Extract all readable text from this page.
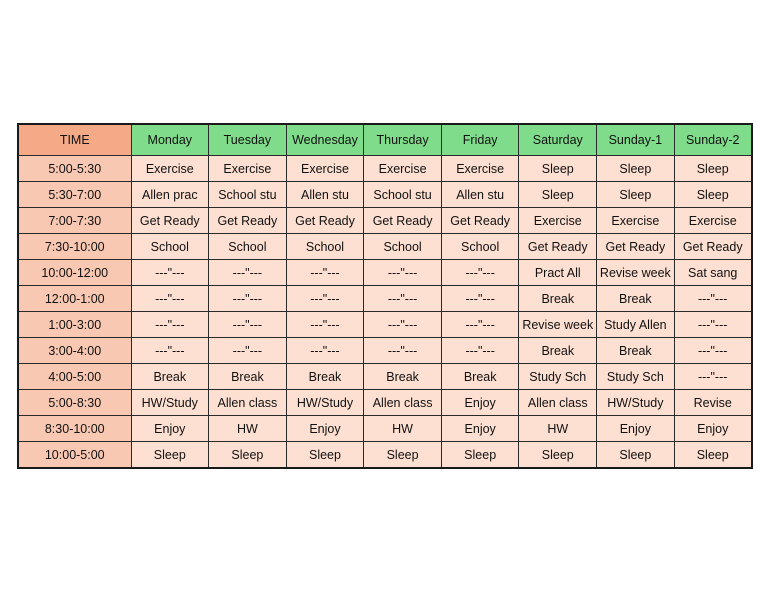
TIME	Monday	Tuesday	Wednesday	Thursday	Friday	Saturday	Sunday-1	Sunday-2
5:00-5:30	Exercise	Exercise	Exercise	Exercise	Exercise	Sleep	Sleep	Sleep
5:30-7:00	Allen prac	School stu	Allen stu	School stu	Allen stu	Sleep	Sleep	Sleep
7:00-7:30	Get Ready	Get Ready	Get Ready	Get Ready	Get Ready	Exercise	Exercise	Exercise
7:30-10:00	School	School	School	School	School	Get Ready	Get Ready	Get Ready
10:00-12:00	---"---	---"---	---"---	---"---	---"---	Pract All	Revise week	Sat sang
12:00-1:00	---"---	---"---	---"---	---"---	---"---	Break	Break	---"---
1:00-3:00	---"---	---"---	---"---	---"---	---"---	Revise week	Study Allen	---"---
3:00-4:00	---"---	---"---	---"---	---"---	---"---	Break	Break	---"---
4:00-5:00	Break	Break	Break	Break	Break	Study Sch	Study Sch	---"---
5:00-8:30	HW/Study	Allen class	HW/Study	Allen class	Enjoy	Allen class	HW/Study	Revise
8:30-10:00	Enjoy	HW	Enjoy	HW	Enjoy	HW	Enjoy	Enjoy
10:00-5:00	Sleep	Sleep	Sleep	Sleep	Sleep	Sleep	Sleep	Sleep
